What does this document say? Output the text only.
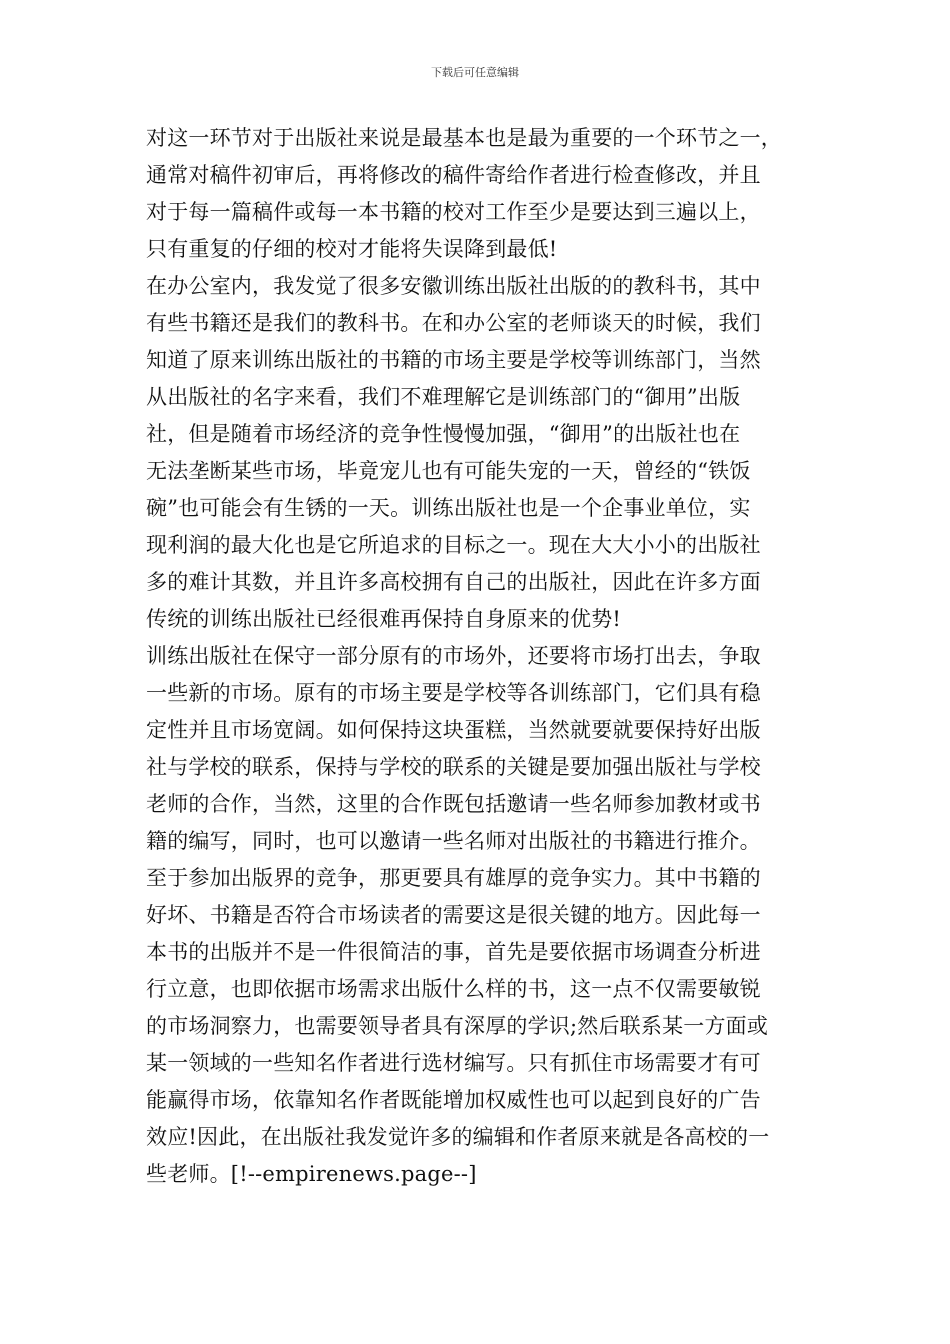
下载后可任意编辑
对这一环节对于出版社来说是最基本也是最为重要的一个环节之一，
通常对稿件初审后，再将修改的稿件寄给作者进行检查修改，并且
对于每一篇稿件或每一本书籍的校对工作至少是要达到三遍以上，
只有重复的仔细的校对才能将失误降到最低!
在办公室内，我发觉了很多安徽训练出版社出版的的教科书，其中
有些书籍还是我们的教科书。在和办公室的老师谈天的时候，我们
知道了原来训练出版社的书籍的市场主要是学校等训练部门，当然
从出版社的名字来看，我们不难理解它是训练部门的“御用”出版
社，但是随着市场经济的竞争性慢慢加强，“御用”的出版社也在
无法垄断某些市场，毕竟宠儿也有可能失宠的一天，曾经的“铁饭
碗”也可能会有生锈的一天。训练出版社也是一个企事业单位，实
现利润的最大化也是它所追求的目标之一。现在大大小小的出版社
多的难计其数，并且许多高校拥有自己的出版社，因此在许多方面
传统的训练出版社已经很难再保持自身原来的优势!
训练出版社在保守一部分原有的市场外，还要将市场打出去，争取
一些新的市场。原有的市场主要是学校等各训练部门，它们具有稳
定性并且市场宽阔。如何保持这块蛋糕，当然就要就要保持好出版
社与学校的联系，保持与学校的联系的关键是要加强出版社与学校
老师的合作，当然，这里的合作既包括邀请一些名师参加教材或书
籍的编写，同时，也可以邀请一些名师对出版社的书籍进行推介。
至于参加出版界的竞争，那更要具有雄厚的竞争实力。其中书籍的
好坏、书籍是否符合市场读者的需要这是很关键的地方。因此每一
本书的出版并不是一件很简洁的事，首先是要依据市场调查分析进
行立意，也即依据市场需求出版什么样的书，这一点不仅需要敏锐
的市场洞察力，也需要领导者具有深厚的学识;然后联系某一方面或
某一领域的一些知名作者进行选材编写。只有抓住市场需要才有可
能赢得市场，依靠知名作者既能增加权威性也可以起到良好的广告
效应!因此，在出版社我发觉许多的编辑和作者原来就是各高校的一
些老师。[!--empirenews.page--]
